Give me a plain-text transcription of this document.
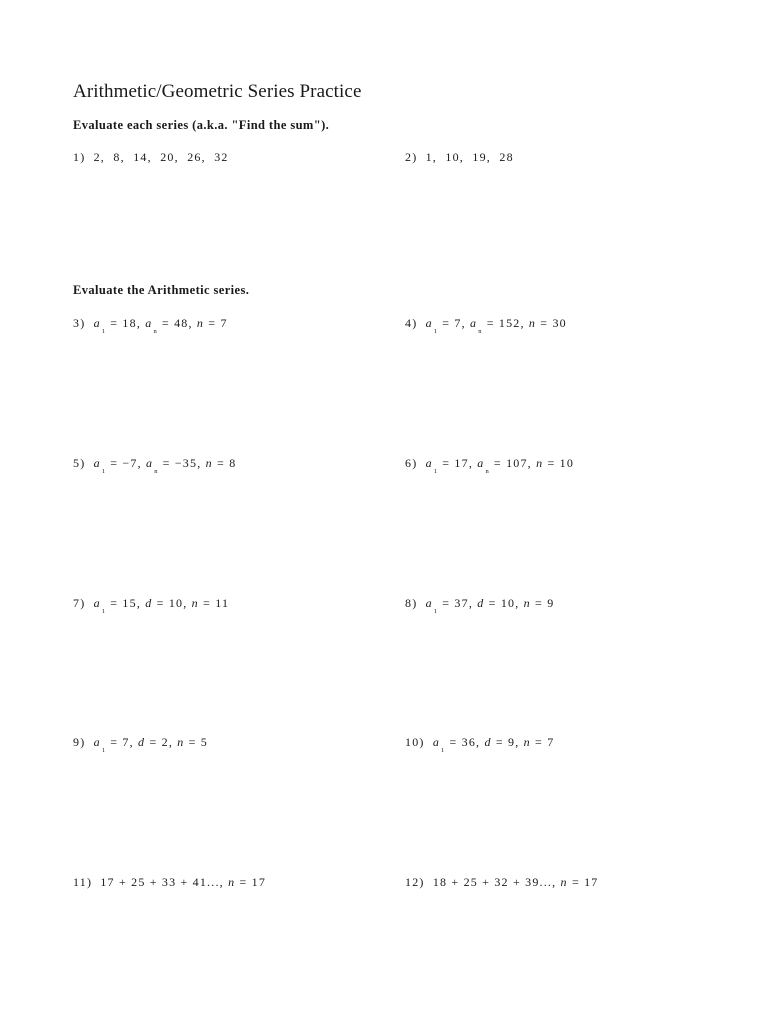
Arithmetic/Geometric Series Practice
Evaluate each series (a.k.a. "Find the sum").
1) 2,  8,  14,  20,  26,  32	2) 1,  10,  19,  28
Evaluate the Arithmetic series.
3) $a_1 = 18$, $a_n = 48$, n = 7	4) $a_1 = 7$, $a_n = 152$, n = 30
5) $a_1 = -7$, $a_n = -35$, n = 8	6) $a_1 = 17$, $a_n = 107$, n = 10
7) $a_1 = 15$, d = 10, n = 11	8) $a_1 = 37$, d = 10, n = 9
9) $a_1 = 7$, d = 2, n = 5	10) $a_1 = 36$, d = 9, n = 7
11) 17 + 25 + 33 + 41..., n = 17	12) 18 + 25 + 32 + 39..., n = 17
